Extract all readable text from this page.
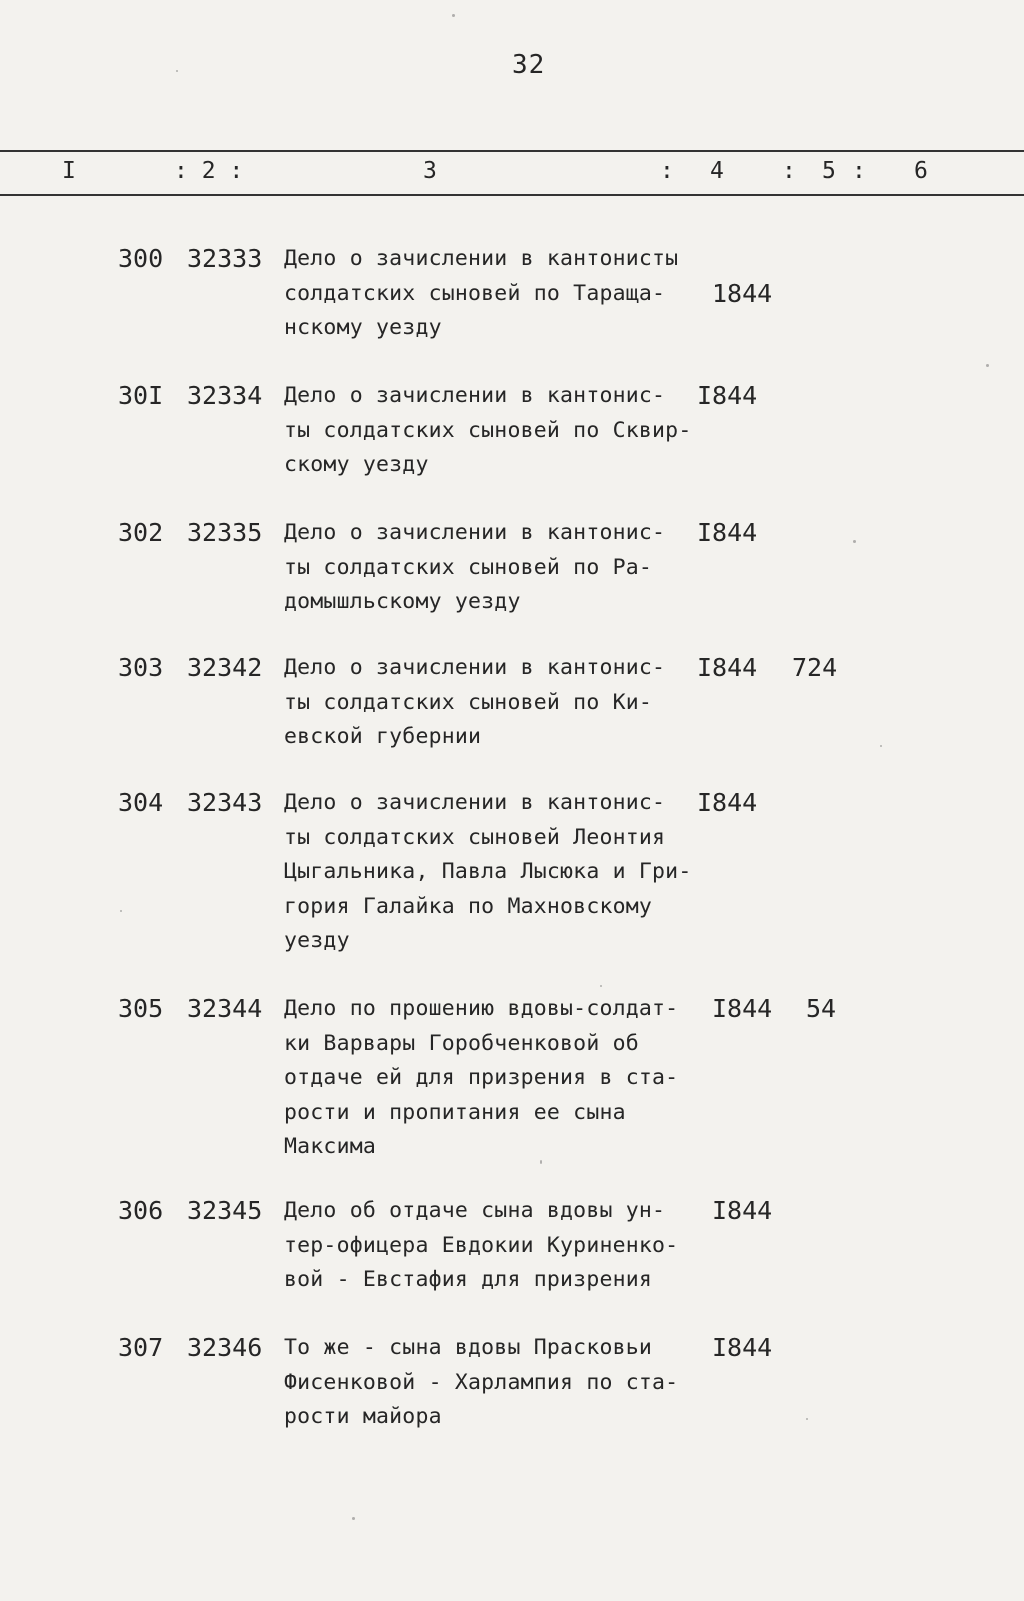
32
I	: 2 :	3	: 4	: 5 : 6
300 32333 Дело о зачислении в кантонисты
солдатских сыновей по Таращa-
нскому уезду
1844
30I 32334 Дело о зачислении в кантонис-
ты солдатских сыновей по Сквир-
скому уезду
I844
302 32335 Дело о зачислении в кантонис-
ты солдатских сыновей по Ра-
домышльскому уезду
I844
303 32342 Дело о зачислении в кантонис-
ты солдатских сыновей по Ки-
евской губернии
I844 724
304 32343 Дело о зачислении в кантонис-
ты солдатских сыновей Леонтия
Цыгальника, Павла Лысюка и Гри-
гория Галайка по Махновскому
уезду
I844
305 32344 Дело по прошению вдовы-солдат-
ки Варвары Горобченковой об
отдаче ей для призрения в ста-
рости и пропитания ее сына
Максима
I844 54
306 32345 Дело об отдаче сына вдовы ун-
тер-офицера Евдокии Куриненко-
вой - Евстафия для призрения
I844
307 32346 То же - сына вдовы Прасковьи
Фисенковой - Харлампия по ста-
рости майора
I844
